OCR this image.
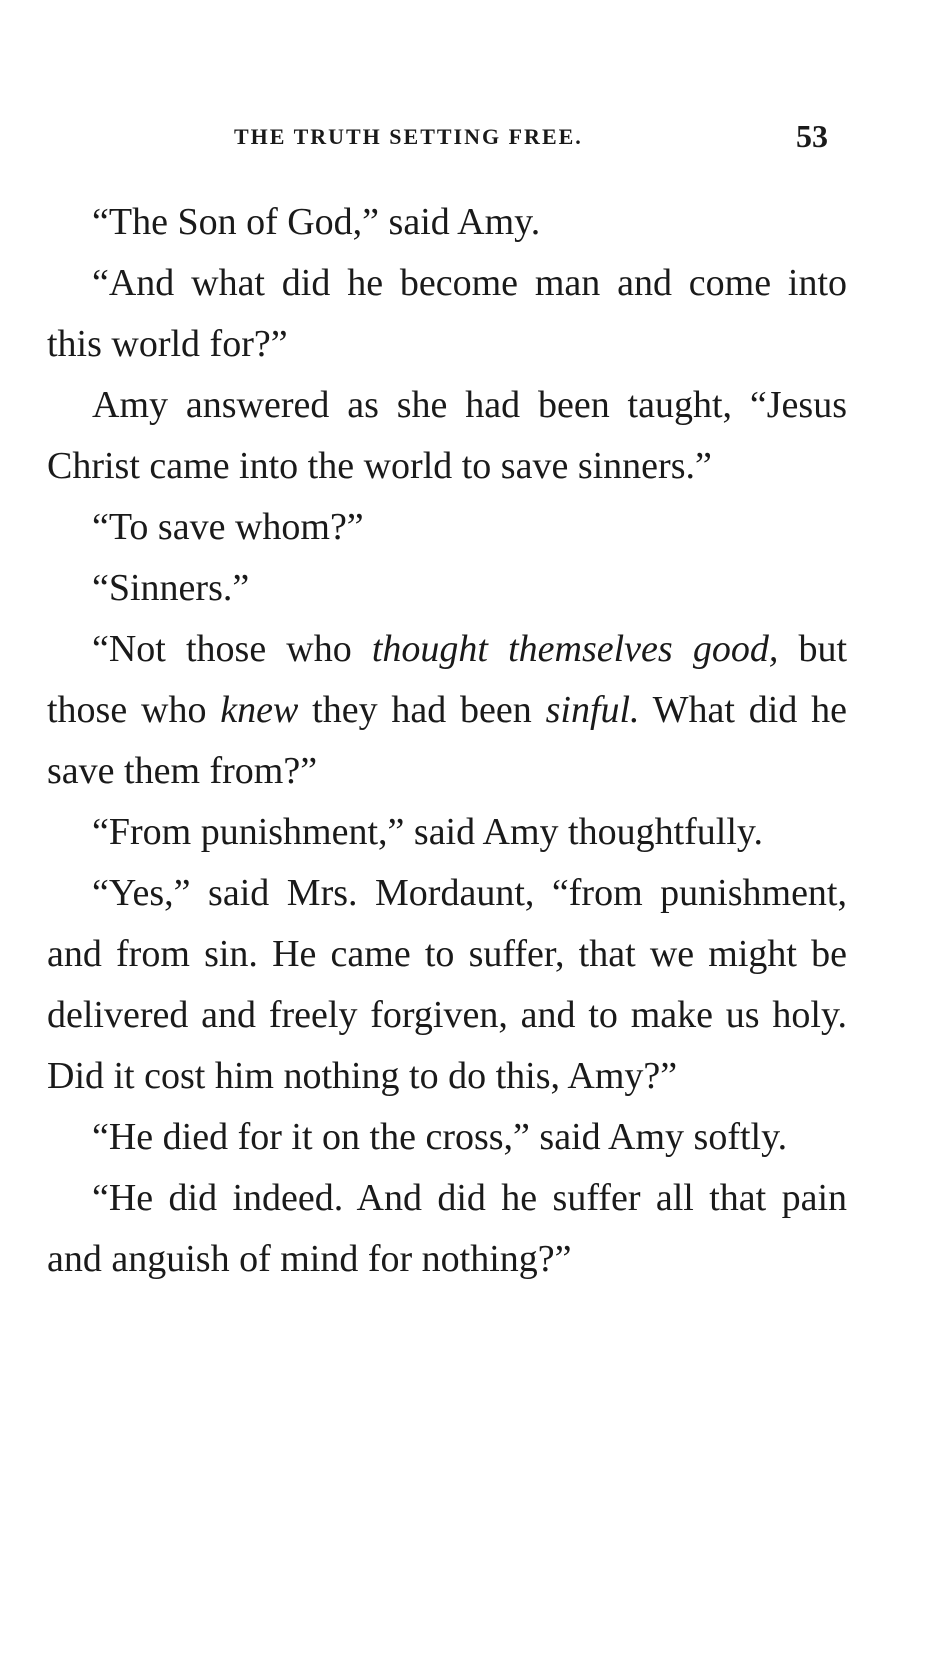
THE TRUTH SETTING FREE.	53

“The Son of God,” said Amy.

“And what did he become man and come into this world for?”

Amy answered as she had been taught, “Jesus Christ came into the world to save sinners.”

“To save whom?”

“Sinners.”

“Not those who thought themselves good, but those who knew they had been sinful. What did he save them from?”

“From punishment,” said Amy thoughtfully.

“Yes,” said Mrs. Mordaunt, “from punishment, and from sin. He came to suffer, that we might be delivered and freely forgiven, and to make us holy. Did it cost him nothing to do this, Amy?”

“He died for it on the cross,” said Amy softly.

“He did indeed. And did he suffer all that pain and anguish of mind for nothing?”
